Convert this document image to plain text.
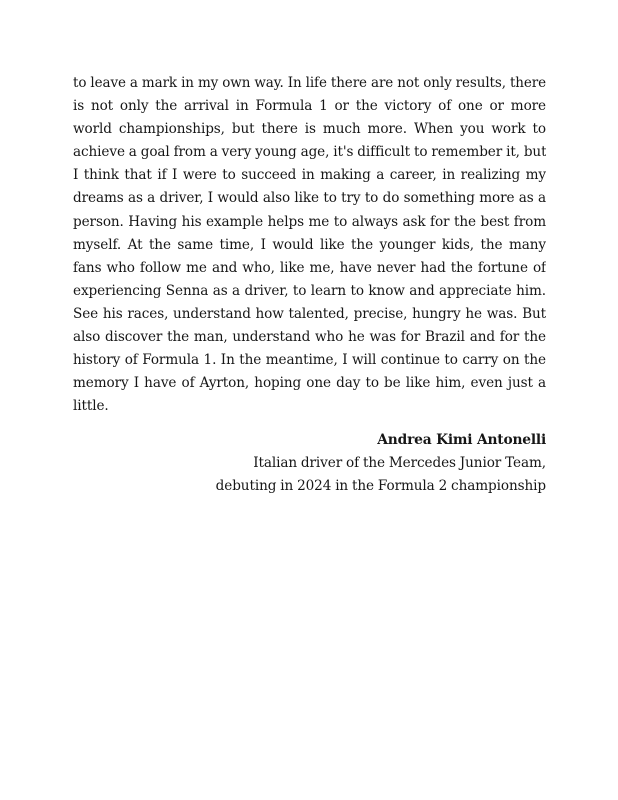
to leave a mark in my own way. In life there are not only results, there
is not only the arrival in Formula 1 or the victory of one or more
world championships, but there is much more. When you work to
achieve a goal from a very young age, it's difficult to remember it, but
I think that if I were to succeed in making a career, in realizing my
dreams as a driver, I would also like to try to do something more as a
person. Having his example helps me to always ask for the best from
myself. At the same time, I would like the younger kids, the many
fans who follow me and who, like me, have never had the fortune of
experiencing Senna as a driver, to learn to know and appreciate him.
See his races, understand how talented, precise, hungry he was. But
also discover the man, understand who he was for Brazil and for the
history of Formula 1. In the meantime, I will continue to carry on the
memory I have of Ayrton, hoping one day to be like him, even just a
little.
Andrea Kimi Antonelli
Italian driver of the Mercedes Junior Team,
debuting in 2024 in the Formula 2 championship
